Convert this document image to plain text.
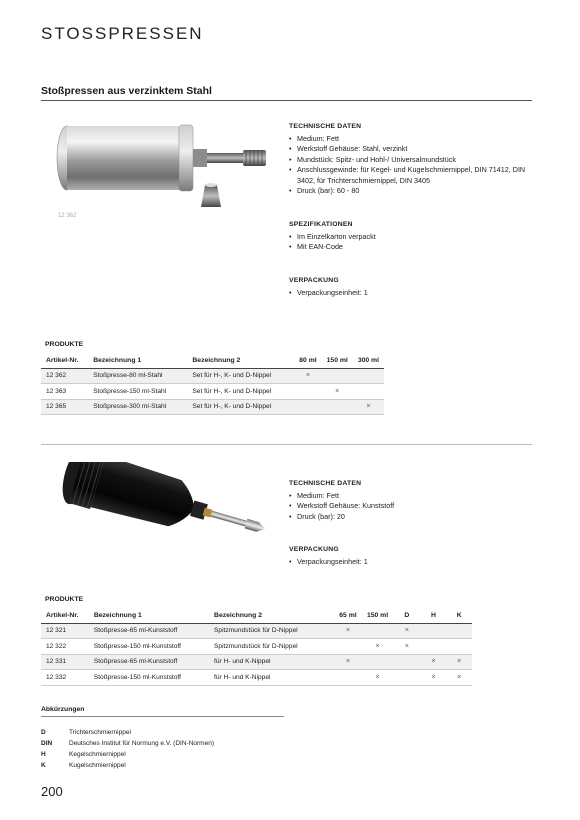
STOSSPRESSEN
Stoßpressen aus verzinktem Stahl
12 362
TECHNISCHE DATEN
• Medium: Fett
• Werkstoff Gehäuse: Stahl, verzinkt
• Mundstück: Spitz- und Hohl-/ Universalmundstück
• Anschlussgewinde: für Kegel- und Kugelschmiernippel, DIN 71412, DIN 3402, für Trichterschmiernippel, DIN 3405
• Druck (bar): 60 - 80
SPEZIFIKATIONEN
• Im Einzelkarton verpackt
• Mit EAN-Code
VERPACKUNG
• Verpackungseinheit: 1
PRODUKTE
Artikel-Nr.	Bezeichnung 1	Bezeichnung 2	80 ml	150 ml	300 ml
12 362	Stoßpresse-80 ml-Stahl	Set für H-, K- und D-Nippel	×		
12 363	Stoßpresse-150 ml-Stahl	Set für H-, K- und D-Nippel		×	
12 365	Stoßpresse-300 ml-Stahl	Set für H-, K- und D-Nippel			×
TECHNISCHE DATEN
• Medium: Fett
• Werkstoff Gehäuse: Kunststoff
• Druck (bar): 20
VERPACKUNG
• Verpackungseinheit: 1
PRODUKTE
Artikel-Nr.	Bezeichnung 1	Bezeichnung 2	65 ml	150 ml	D	H	K
12 321	Stoßpresse-65 ml-Kunststoff	Spitzmundstück für D-Nippel	×		×		
12 322	Stoßpresse-150 ml-Kunststoff	Spitzmundstück für D-Nippel		×	×		
12 331	Stoßpresse-65 ml-Kunststoff	für H- und K-Nippel	×			×	×
12 332	Stoßpresse-150 ml-Kunststoff	für H- und K-Nippel		×		×	×
Abkürzungen
D	Trichterschmiernippel
DIN	Deutsches Institut für Normung e.V. (DIN-Normen)
H	Kegelschmiernippel
K	Kugelschmiernippel
200
